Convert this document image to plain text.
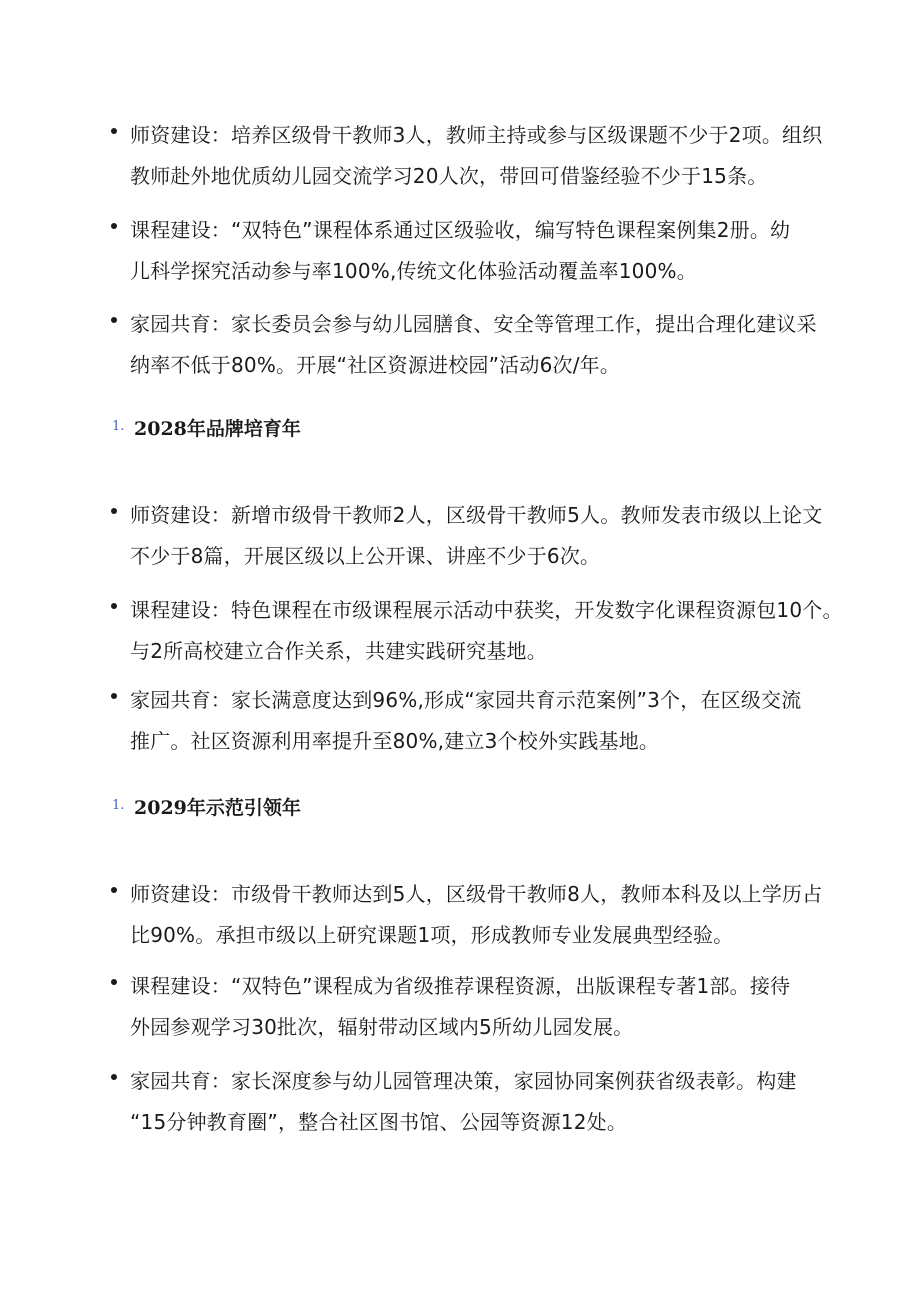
师资建设：培养区级骨干教师3人，教师主持或参与区级课题不少于2项。组织
教师赴外地优质幼儿园交流学习20人次，带回可借鉴经验不少于15条。

课程建设：“双特色”课程体系通过区级验收，编写特色课程案例集2册。幼
儿科学探究活动参与率100%,传统文化体验活动覆盖率100%。

家园共育：家长委员会参与幼儿园膳食、安全等管理工作，提出合理化建议采
纳率不低于80%。开展“社区资源进校园”活动6次/年。

1. 2028年品牌培育年

师资建设：新增市级骨干教师2人，区级骨干教师5人。教师发表市级以上论文
不少于8篇，开展区级以上公开课、讲座不少于6次。

课程建设：特色课程在市级课程展示活动中获奖，开发数字化课程资源包10个。
与2所高校建立合作关系，共建实践研究基地。

家园共育：家长满意度达到96%,形成“家园共育示范案例”3个，在区级交流
推广。社区资源利用率提升至80%,建立3个校外实践基地。

1. 2029年示范引领年

师资建设：市级骨干教师达到5人，区级骨干教师8人，教师本科及以上学历占
比90%。承担市级以上研究课题1项，形成教师专业发展典型经验。

课程建设：“双特色”课程成为省级推荐课程资源，出版课程专著1部。接待
外园参观学习30批次，辐射带动区域内5所幼儿园发展。

家园共育：家长深度参与幼儿园管理决策，家园协同案例获省级表彰。构建
“15分钟教育圈”，整合社区图书馆、公园等资源12处。
